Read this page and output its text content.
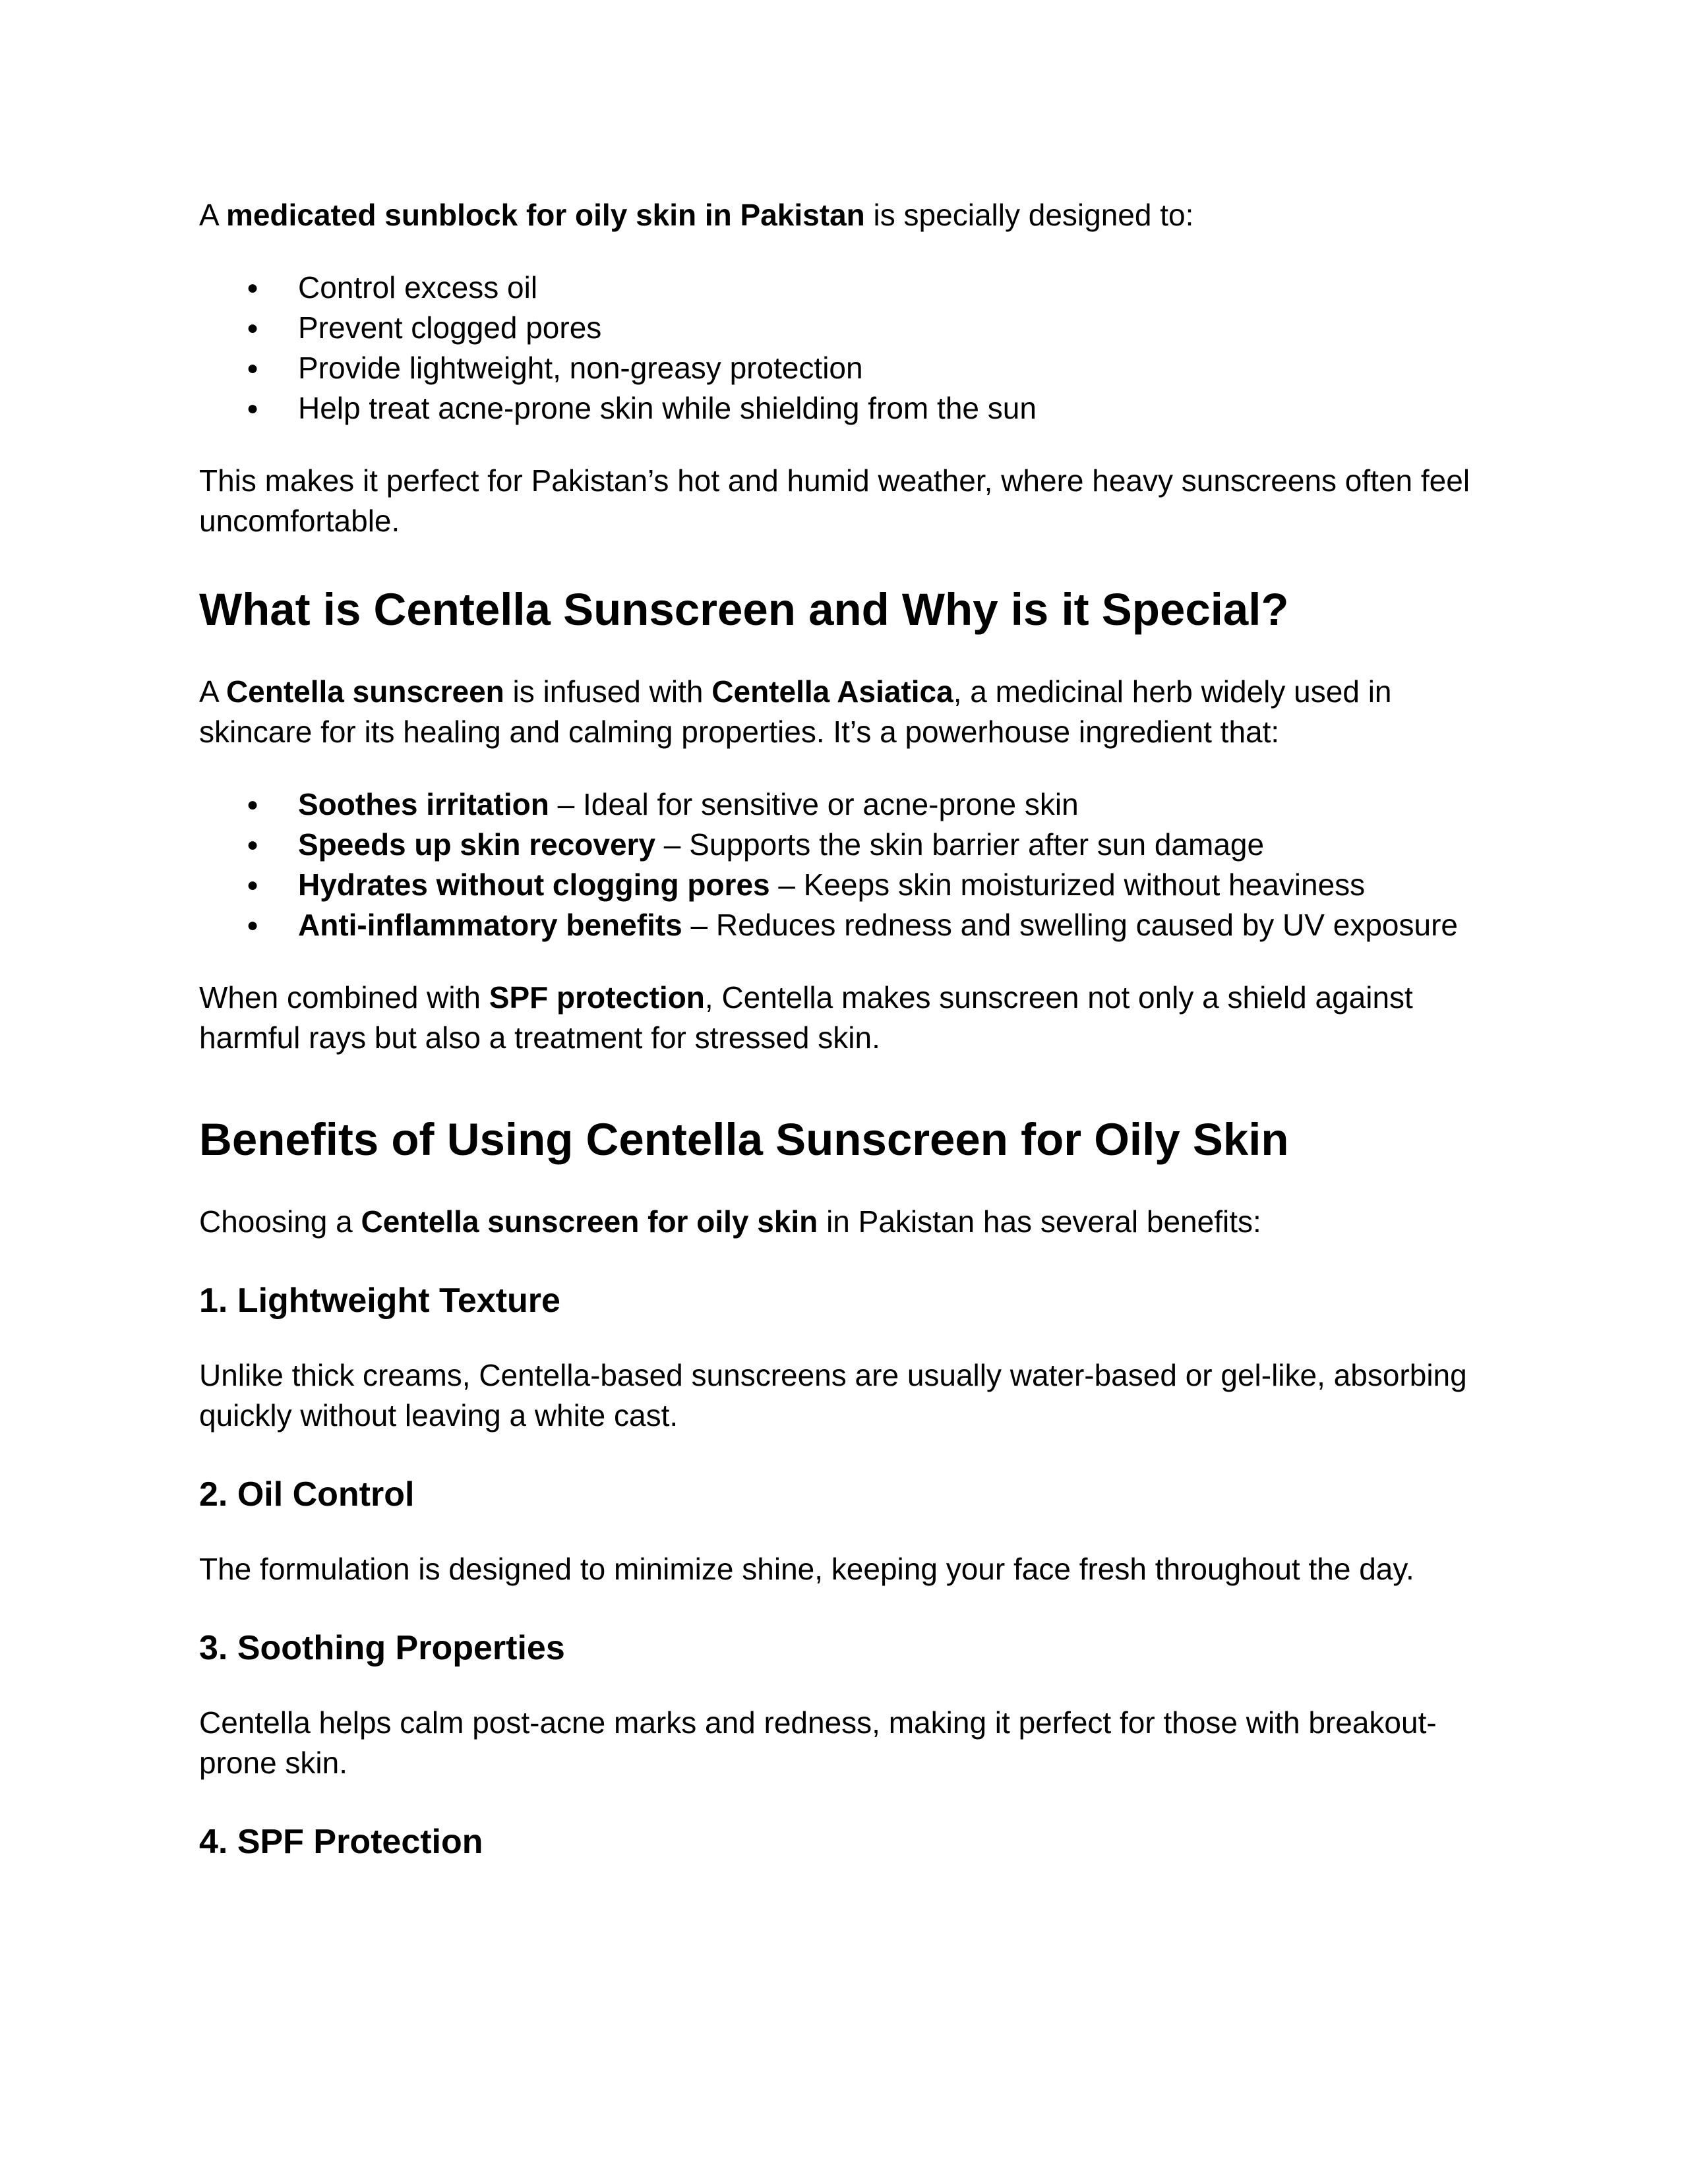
A medicated sunblock for oily skin in Pakistan is specially designed to:

● Control excess oil
● Prevent clogged pores
● Provide lightweight, non-greasy protection
● Help treat acne-prone skin while shielding from the sun

This makes it perfect for Pakistan’s hot and humid weather, where heavy sunscreens often feel uncomfortable.

What is Centella Sunscreen and Why is it Special?

A Centella sunscreen is infused with Centella Asiatica, a medicinal herb widely used in skincare for its healing and calming properties. It’s a powerhouse ingredient that:

● Soothes irritation – Ideal for sensitive or acne-prone skin
● Speeds up skin recovery – Supports the skin barrier after sun damage
● Hydrates without clogging pores – Keeps skin moisturized without heaviness
● Anti-inflammatory benefits – Reduces redness and swelling caused by UV exposure

When combined with SPF protection, Centella makes sunscreen not only a shield against harmful rays but also a treatment for stressed skin.

Benefits of Using Centella Sunscreen for Oily Skin

Choosing a Centella sunscreen for oily skin in Pakistan has several benefits:

1. Lightweight Texture

Unlike thick creams, Centella-based sunscreens are usually water-based or gel-like, absorbing quickly without leaving a white cast.

2. Oil Control

The formulation is designed to minimize shine, keeping your face fresh throughout the day.

3. Soothing Properties

Centella helps calm post-acne marks and redness, making it perfect for those with breakout-prone skin.

4. SPF Protection
